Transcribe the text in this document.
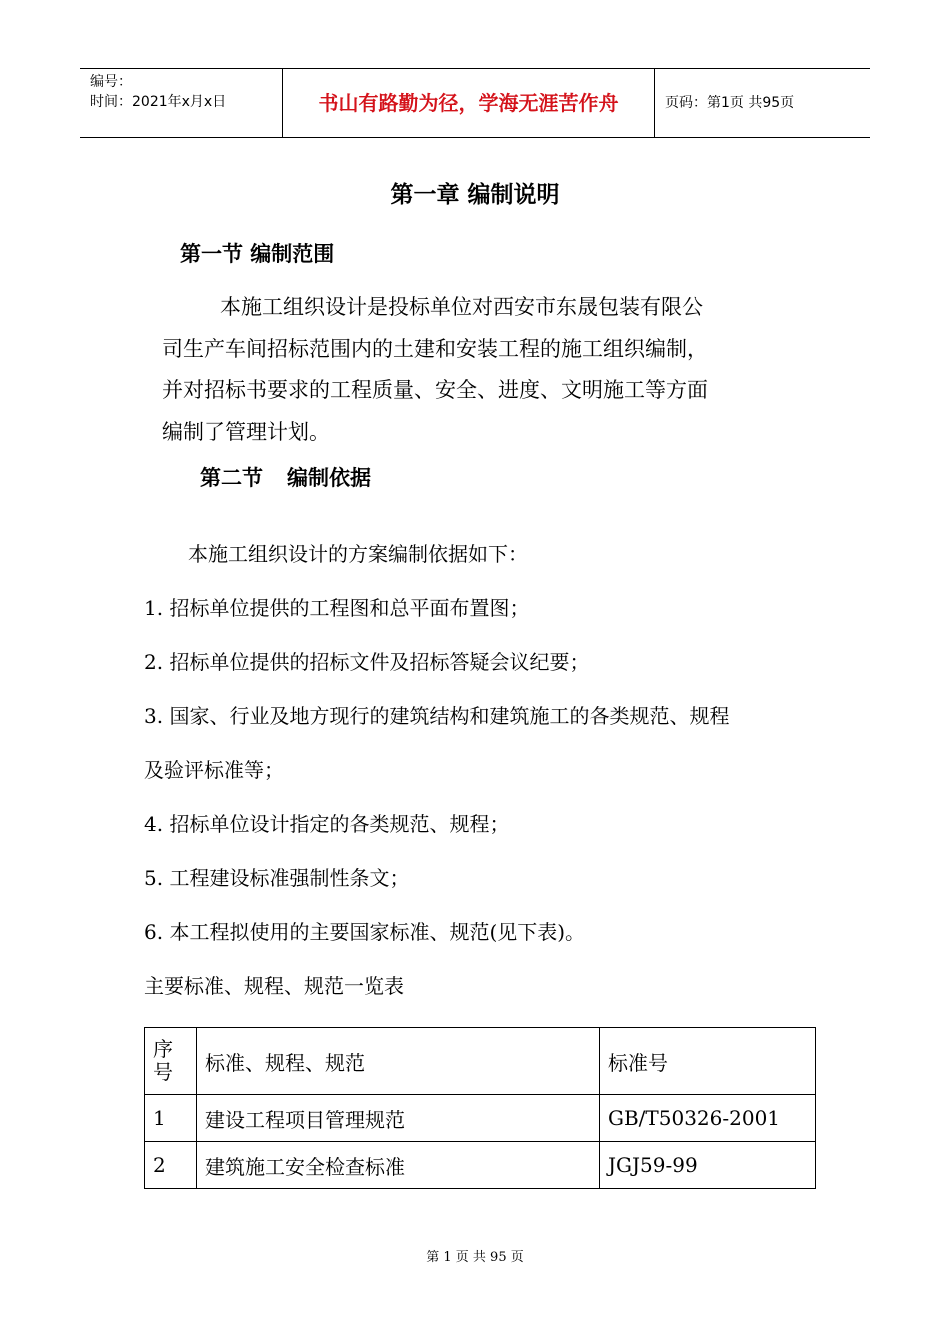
编号：
时间：2021年x月x日	书山有路勤为径，学海无涯苦作舟	页码：第1页 共95页
第一章 编制说明
第一节 编制范围
本施工组织设计是投标单位对西安市东晟包装有限公
司生产车间招标范围内的土建和安装工程的施工组织编制，
并对招标书要求的工程质量、安全、进度、文明施工等方面
编制了管理计划。
第二节 编制依据
本施工组织设计的方案编制依据如下：
1. 招标单位提供的工程图和总平面布置图；
2. 招标单位提供的招标文件及招标答疑会议纪要；
3. 国家、行业及地方现行的建筑结构和建筑施工的各类规范、规程
及验评标准等；
4. 招标单位设计指定的各类规范、规程；
5. 工程建设标准强制性条文；
6. 本工程拟使用的主要国家标准、规范(见下表)。
主要标准、规程、规范一览表
序
号	标准、规程、规范	标准号
1	建设工程项目管理规范	GB/T50326-2001
2	建筑施工安全检查标准	JGJ59-99
第 1 页 共 95 页
